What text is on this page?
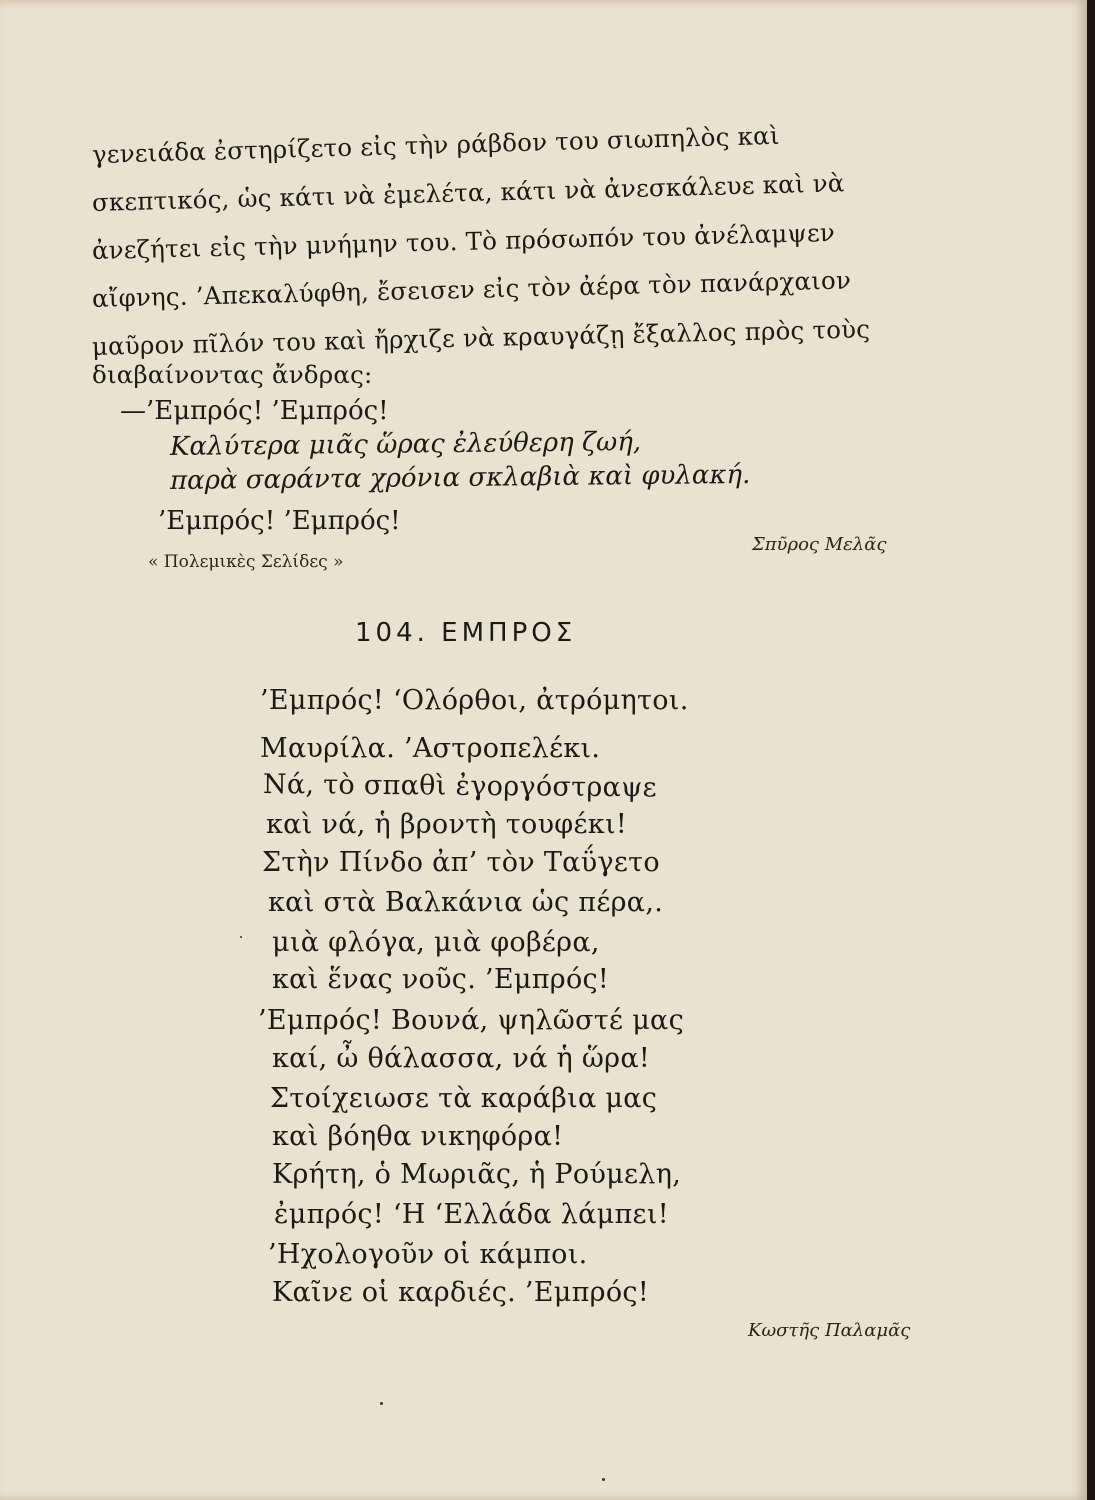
γενειάδα ἐστηρίζετο εἰς τὴν ράβδον του σιωπηλὸς καὶ
σκεπτικός, ὡς κάτι νὰ ἐμελέτα, κάτι νὰ ἀνεσκάλευε καὶ νὰ
ἀνεζήτει εἰς τὴν μνήμην του. Τὸ πρόσωπόν του ἀνέλαμψεν
αἴφνης. ’Απεκαλύφθη, ἔσεισεν εἰς τὸν ἀέρα τὸν πανάρχαιον
μαῦρον πῖλόν του καὶ ἤρχιζε νὰ κραυγάζῃ ἔξαλλος πρὸς τοὺς
διαβαίνοντας ἄνδρας:
—’Εμπρός! ’Εμπρός!
Καλύτερα μιᾶς ὥρας ἐλεύθερη ζωή,
παρὰ σαράντα χρόνια σκλαβιὰ καὶ φυλακή.
’Εμπρός! ’Εμπρός!
« Πολεμικὲς Σελίδες »
Σπῦρος Μελᾶς
104. ΕΜΠΡΟΣ
’Εμπρός! ‘Ολόρθοι, ἀτρόμητοι.
Μαυρίλα. ’Αστροπελέκι.
Νά, τὸ σπαθὶ ἐγοργόστραψε
καὶ νά, ἡ βροντὴ τουφέκι!
Στὴν Πίνδο ἀπ’ τὸν Ταΰγετο
καὶ στὰ Βαλκάνια ὡς πέρα,.
μιὰ φλόγα, μιὰ φοβέρα,
καὶ ἕνας νοῦς. ’Εμπρός!
’Εμπρός! Βουνά, ψηλῶστέ μας
καί, ὦ θάλασσα, νά ἡ ὥρα!
Στοίχειωσε τὰ καράβια μας
καὶ βόηθα νικηφόρα!
Κρήτη, ὁ Μωριᾶς, ἡ Ρούμελη,
ἐμπρός! ‘Η ‘Ελλάδα λάμπει!
’Ηχολογοῦν οἱ κάμποι.
Καῖνε οἱ καρδιές. ’Εμπρός!
Κωστῆς Παλαμᾶς
